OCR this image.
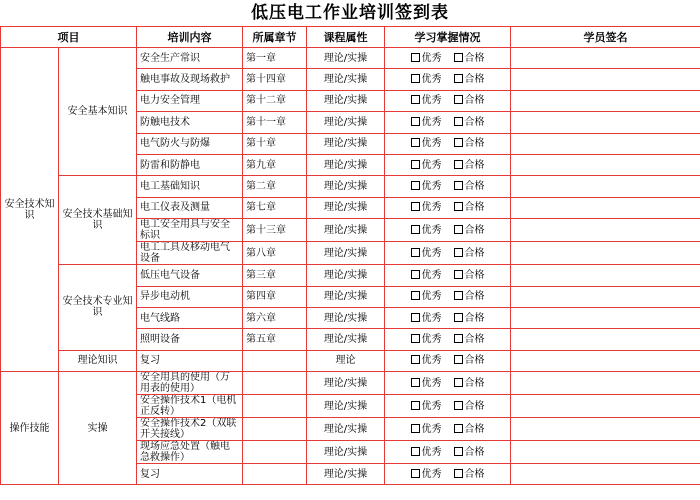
低压电工作业培训签到表
项目		培训内容	所属章节	课程属性	学习掌握情况	学员签名
安全技术知识	安全基本知识	安全生产常识	第一章	理论/实操	优秀 合格	
		触电事故及现场救护	第十四章	理论/实操	优秀 合格	
		电力安全管理	第十二章	理论/实操	优秀 合格	
		防触电技术	第十一章	理论/实操	优秀 合格	
		电气防火与防爆	第十章	理论/实操	优秀 合格	
		防雷和防静电	第九章	理论/实操	优秀 合格	
	安全技术基础知识	电工基础知识	第二章	理论/实操	优秀 合格	
		电工仪表及测量	第七章	理论/实操	优秀 合格	
		电工安全用具与安全标识	第十三章	理论/实操	优秀 合格	
		电工工具及移动电气设备	第八章	理论/实操	优秀 合格	
	安全技术专业知识	低压电气设备	第三章	理论/实操	优秀 合格	
		异步电动机	第四章	理论/实操	优秀 合格	
		电气线路	第六章	理论/实操	优秀 合格	
		照明设备	第五章	理论/实操	优秀 合格	
	理论知识	复习		理论	优秀 合格	
操作技能	实操	安全用具的使用（万用表的使用）		理论/实操	优秀 合格	
		安全操作技术1（电机正反转）		理论/实操	优秀 合格	
		安全操作技术2（双联开关接线）		理论/实操	优秀 合格	
		现场应急处置（触电急救操作）		理论/实操	优秀 合格	
		复习		理论/实操	优秀 合格	
